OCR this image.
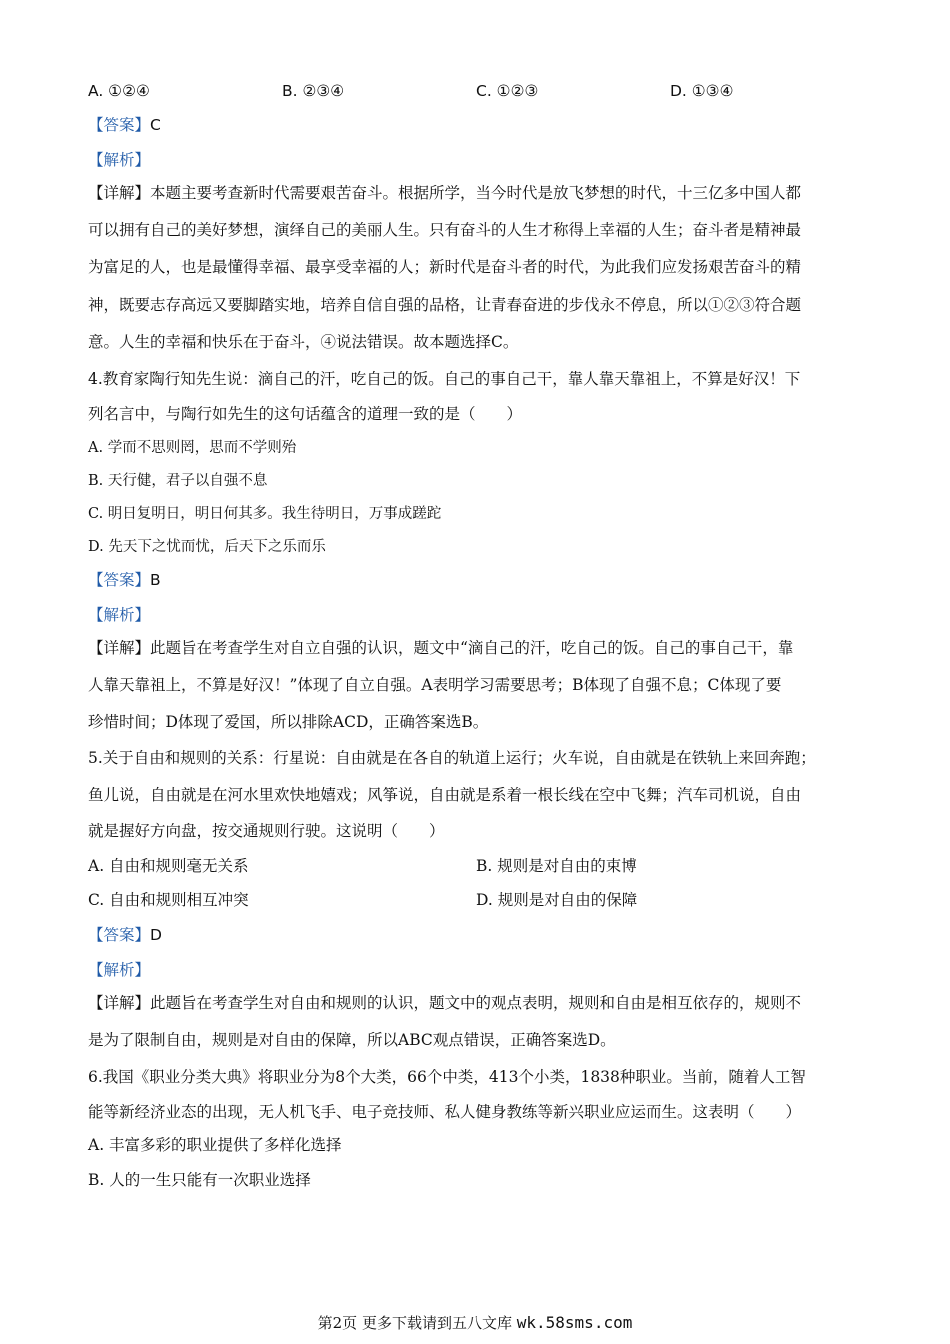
A. ①②④	B. ②③④	C. ①②③	D. ①③④
【答案】C
【解析】
【详解】本题主要考查新时代需要艰苦奋斗。根据所学，当今时代是放飞梦想的时代，十三亿多中国人都
可以拥有自己的美好梦想，演绎自己的美丽人生。只有奋斗的人生才称得上幸福的人生；奋斗者是精神最
为富足的人，也是最懂得幸福、最享受幸福的人；新时代是奋斗者的时代，为此我们应发扬艰苦奋斗的精
神，既要志存高远又要脚踏实地，培养自信自强的品格，让青春奋进的步伐永不停息，所以①②③符合题
意。人生的幸福和快乐在于奋斗，④说法错误。故本题选择C。
4.教育家陶行知先生说：滴自己的汗，吃自己的饭。自己的事自己干，靠人靠天靠祖上，不算是好汉！下
列名言中，与陶行如先生的这句话蕴含的道理一致的是（　　）
A. 学而不思则罔，思而不学则殆
B. 天行健，君子以自强不息
C. 明日复明日，明日何其多。我生待明日，万事成蹉跎
D. 先天下之忧而忧，后天下之乐而乐
【答案】B
【解析】
【详解】此题旨在考查学生对自立自强的认识，题文中“滴自己的汗，吃自己的饭。自己的事自己干，靠
人靠天靠祖上，不算是好汉！”体现了自立自强。A表明学习需要思考；B体现了自强不息；C体现了要
珍惜时间；D体现了爱国，所以排除ACD，正确答案选B。
5.关于自由和规则的关系：行星说：自由就是在各自的轨道上运行；火车说，自由就是在铁轨上来回奔跑；
鱼儿说，自由就是在河水里欢快地嬉戏；风筝说，自由就是系着一根长线在空中飞舞；汽车司机说，自由
就是握好方向盘，按交通规则行驶。这说明（　　）
A. 自由和规则毫无关系	B. 规则是对自由的束博
C. 自由和规则相互冲突	D. 规则是对自由的保障
【答案】D
【解析】
【详解】此题旨在考查学生对自由和规则的认识，题文中的观点表明，规则和自由是相互依存的，规则不
是为了限制自由，规则是对自由的保障，所以ABC观点错误，正确答案选D。
6.我国《职业分类大典》将职业分为8个大类，66个中类，413个小类，1838种职业。当前，随着人工智
能等新经济业态的出现，无人机飞手、电子竞技师、私人健身教练等新兴职业应运而生。这表明（　　）
A. 丰富多彩的职业提供了多样化选择
B. 人的一生只能有一次职业选择
第2页 更多下载请到五八文库 wk.58sms.com
